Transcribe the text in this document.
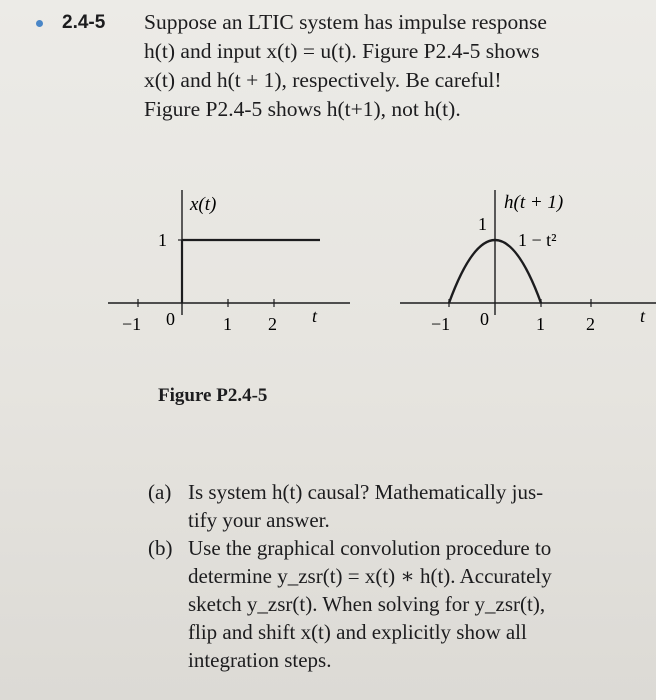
2.4-5 Suppose an LTIC system has impulse response

h(t) and input x(t) = u(t). Figure P2.4-5 shows

x(t) and h(t + 1), respectively. Be careful!

Figure P2.4-5 shows h(t+1), not h(t).

x(t)
1
−1 0	1 2 t
h(t + 1)
1 − t²
1
−1 0	1 2	t
Figure P2.4-5
(a) Is system h(t) causal? Mathematically jus-

tify your answer.

(b) Use the graphical convolution procedure to

determine y_zsr(t) = x(t) ∗ h(t). Accurately

sketch y_zsr(t). When solving for y_zsr(t),

flip and shift x(t) and explicitly show all

integration steps.
